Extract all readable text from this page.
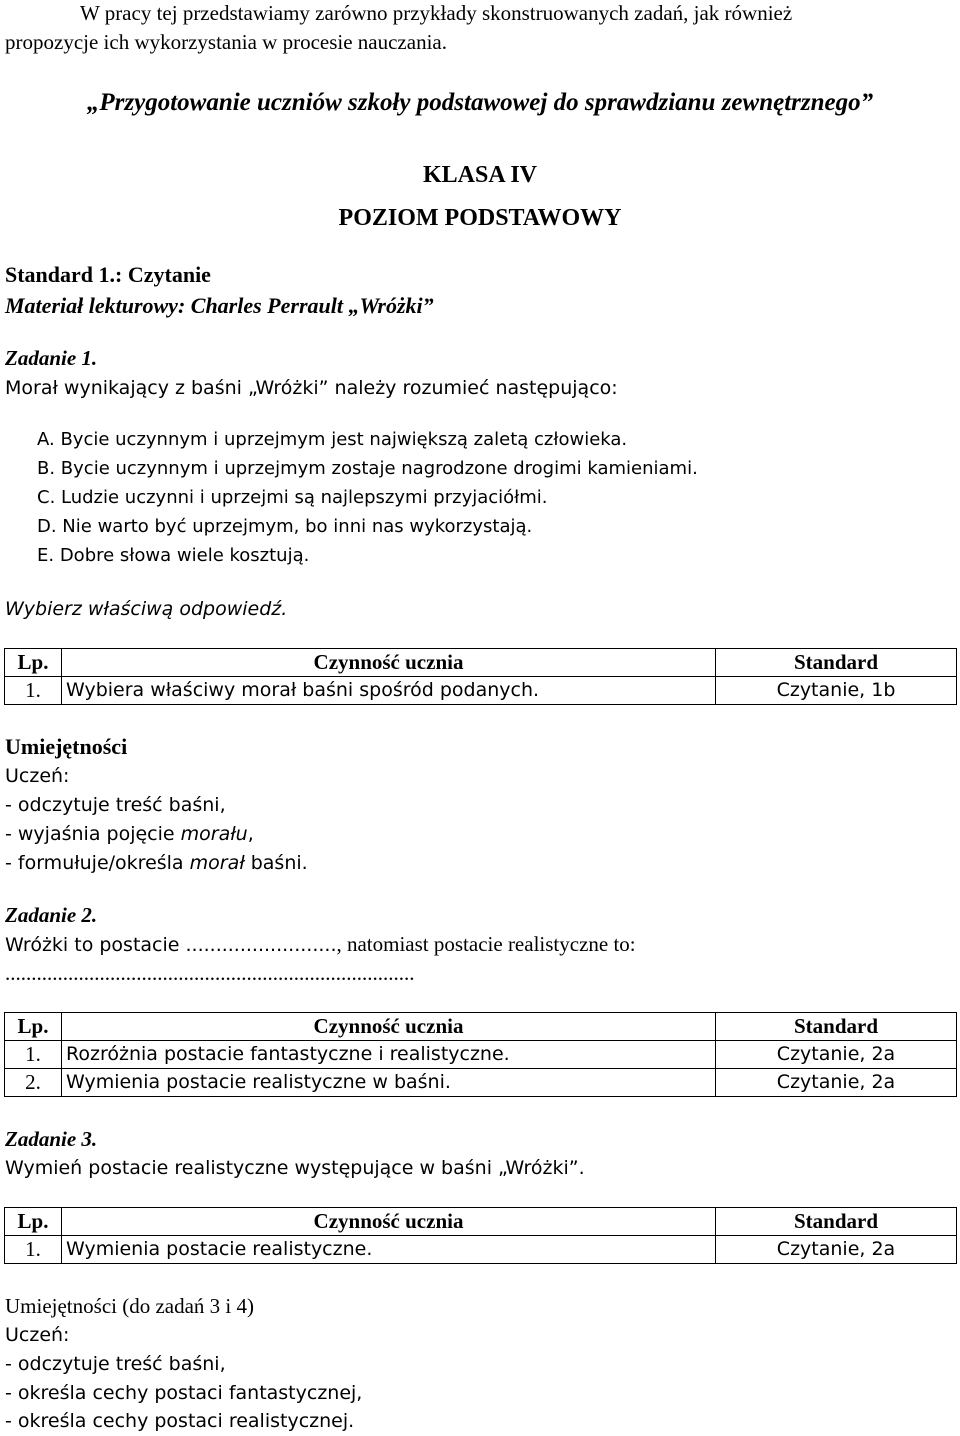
W pracy tej przedstawiamy zarówno przykłady skonstruowanych zadań, jak również
propozycje ich wykorzystania w procesie nauczania.
„Przygotowanie uczniów szkoły podstawowej do sprawdzianu zewnętrznego”
KLASA IV
POZIOM PODSTAWOWY
Standard 1.: Czytanie
Materiał lekturowy: Charles Perrault „Wróżki”
Zadanie 1.
Morał wynikający z baśni „Wróżki” należy rozumieć następująco:
A. Bycie uczynnym i uprzejmym jest największą zaletą człowieka.
B. Bycie uczynnym i uprzejmym zostaje nagrodzone drogimi kamieniami.
C. Ludzie uczynni i uprzejmi są najlepszymi przyjaciółmi.
D. Nie warto być uprzejmym, bo inni nas wykorzystają.
E. Dobre słowa wiele kosztują.
Wybierz właściwą odpowiedź.
Lp.	Czynność ucznia	Standard
1.	Wybiera właściwy morał baśni spośród podanych.	Czytanie, 1b
Umiejętności
Uczeń:
- odczytuje treść baśni,
- wyjaśnia pojęcie morału,
- formułuje/określa morał baśni.
Zadanie 2.
Wróżki to postacie ........................., natomiast postacie realistyczne to:
..............................................................................
Lp.	Czynność ucznia	Standard
1.	Rozróżnia postacie fantastyczne i realistyczne.	Czytanie, 2a
2.	Wymienia postacie realistyczne w baśni.	Czytanie, 2a
Zadanie 3.
Wymień postacie realistyczne występujące w baśni „Wróżki”.
Lp.	Czynność ucznia	Standard
1.	Wymienia postacie realistyczne.	Czytanie, 2a
Umiejętności (do zadań 3 i 4)
Uczeń:
- odczytuje treść baśni,
- określa cechy postaci fantastycznej,
- określa cechy postaci realistycznej.
